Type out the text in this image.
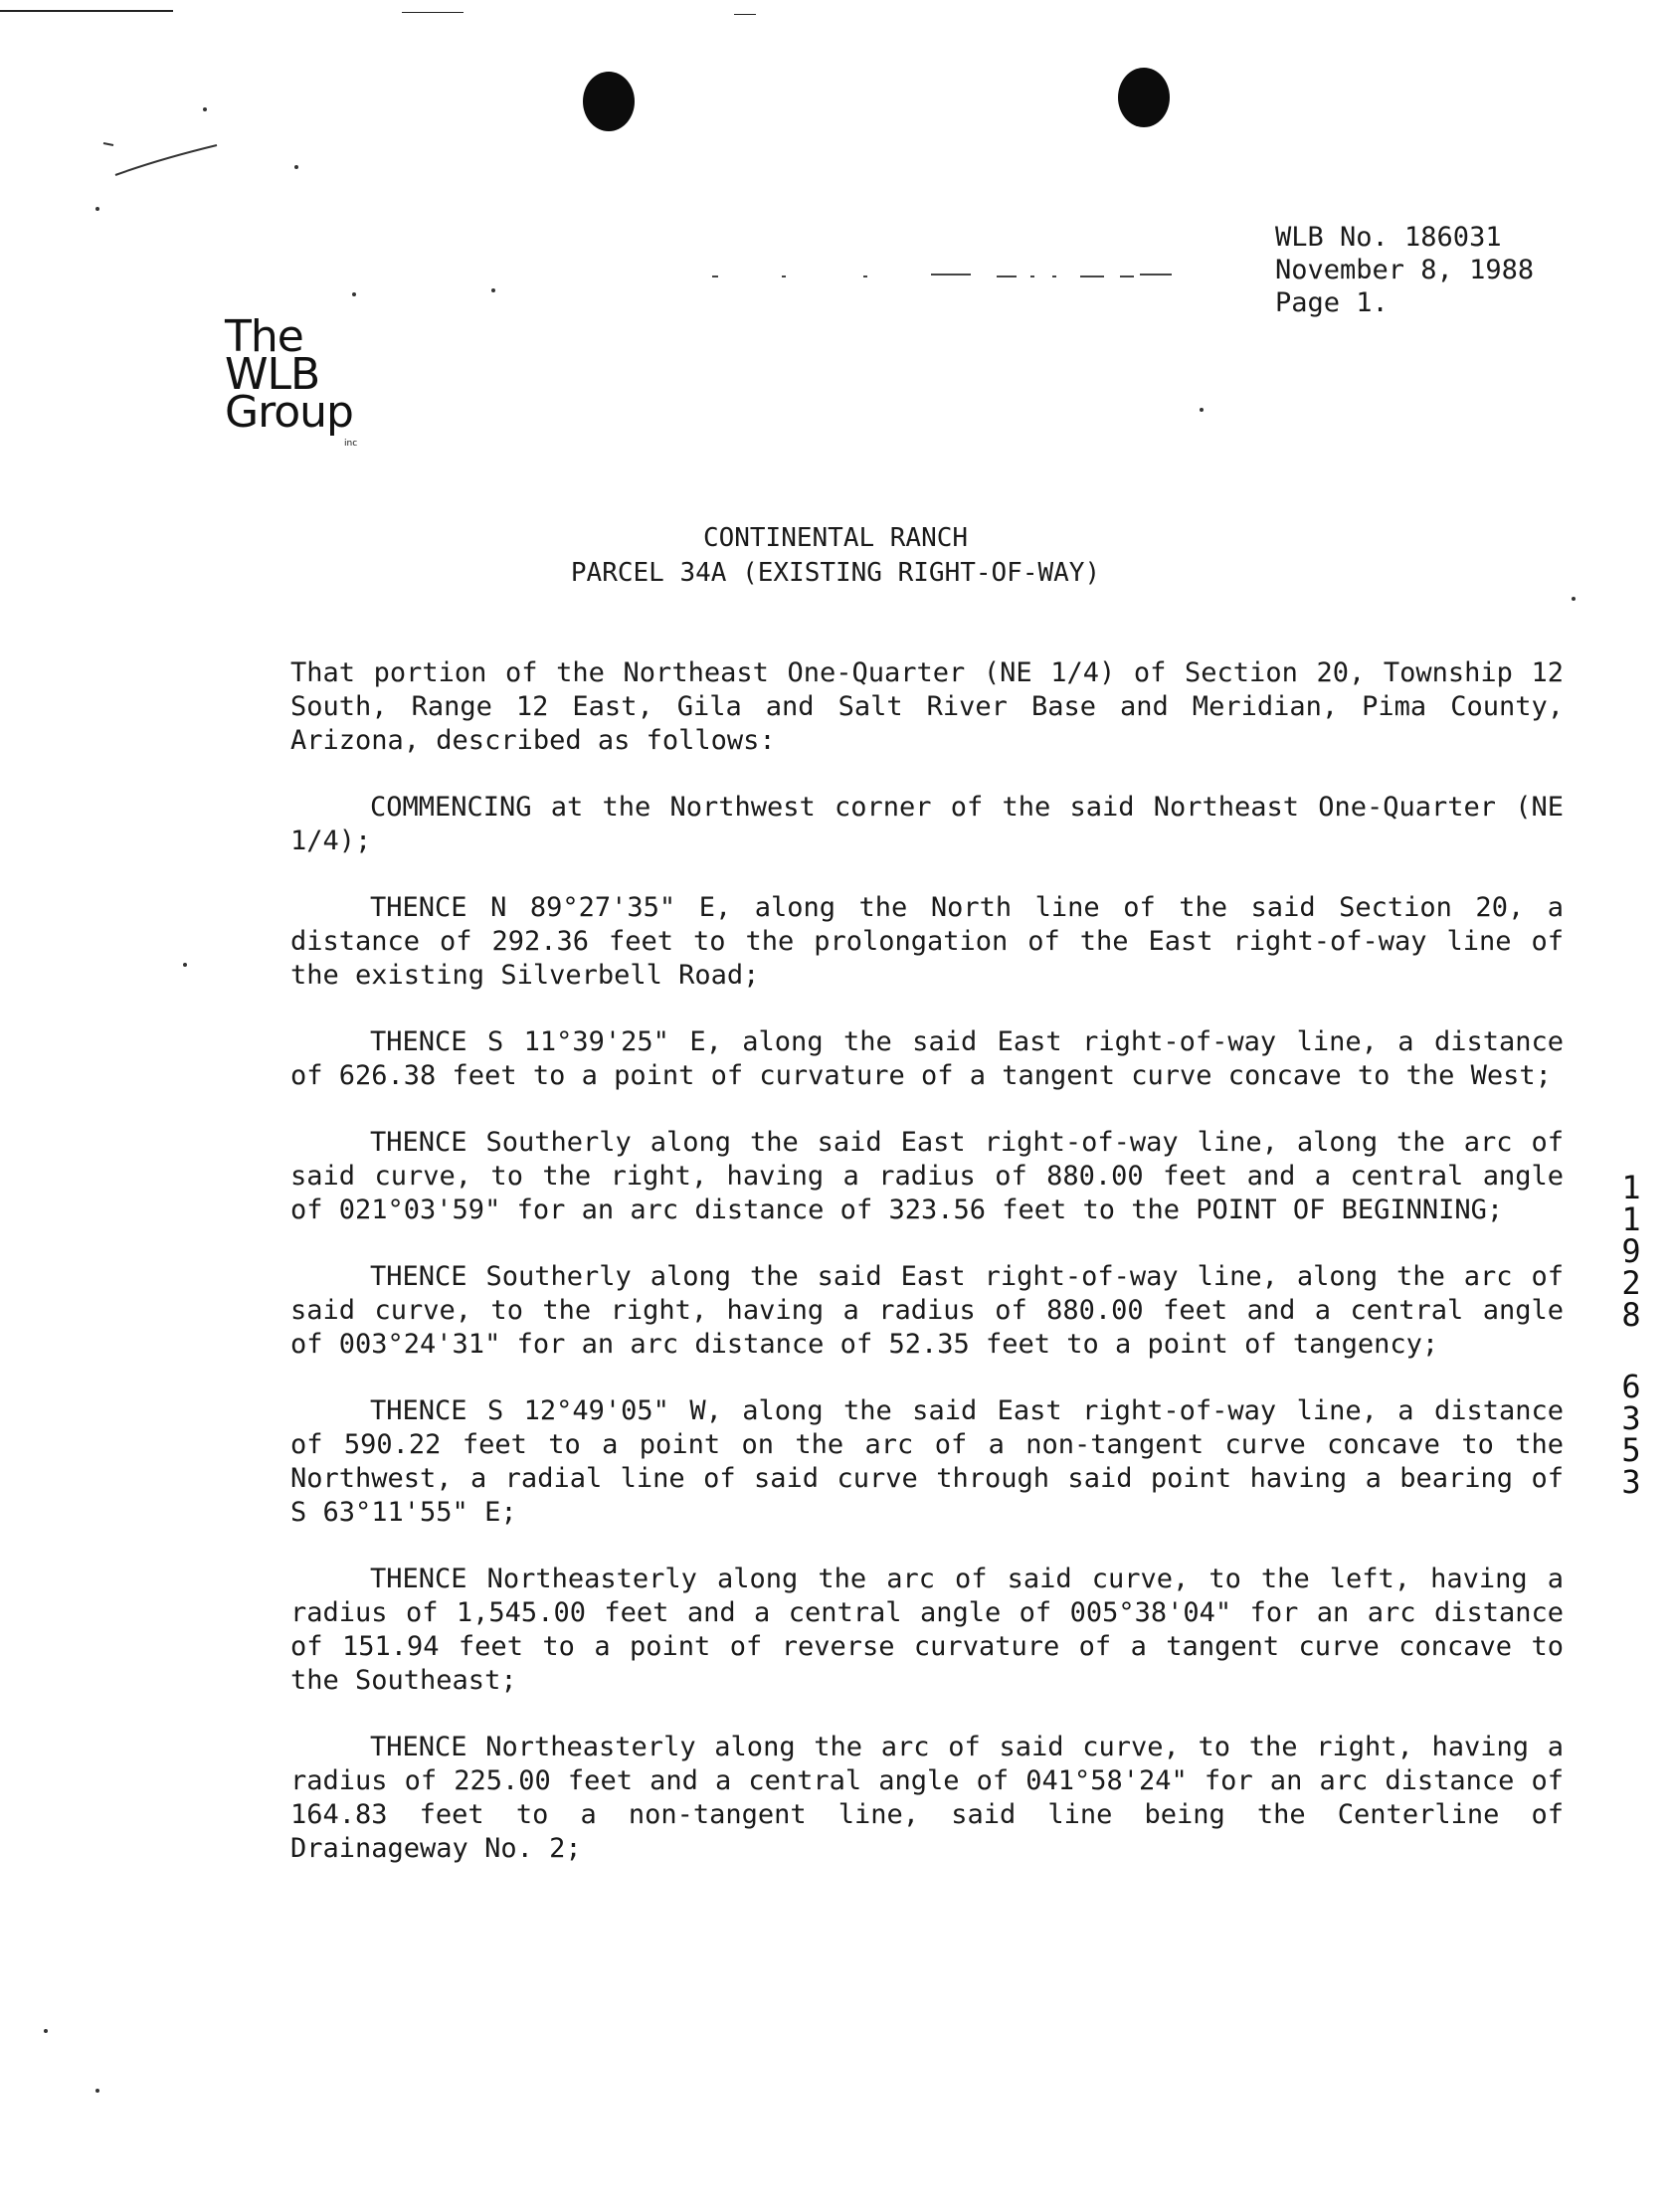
The
WLB
Group
inc
WLB No. 186031
November 8, 1988
Page 1.
CONTINENTAL RANCH
PARCEL 34A (EXISTING RIGHT-OF-WAY)

That portion of the Northeast One-Quarter (NE 1/4) of Section 20, Township 12 South, Range 12 East, Gila and Salt River Base and Meridian, Pima County, Arizona, described as follows:

COMMENCING at the Northwest corner of the said Northeast One-Quarter (NE 1/4);

THENCE N 89°27'35" E, along the North line of the said Section 20, a distance of 292.36 feet to the prolongation of the East right-of-way line of the existing Silverbell Road;

THENCE S 11°39'25" E, along the said East right-of-way line, a distance of 626.38 feet to a point of curvature of a tangent curve concave to the West;

THENCE Southerly along the said East right-of-way line, along the arc of said curve, to the right, having a radius of 880.00 feet and a central angle of 021°03'59" for an arc distance of 323.56 feet to the POINT OF BEGINNING;

THENCE Southerly along the said East right-of-way line, along the arc of said curve, to the right, having a radius of 880.00 feet and a central angle of 003°24'31" for an arc distance of 52.35 feet to a point of tangency;

THENCE S 12°49'05" W, along the said East right-of-way line, a distance of 590.22 feet to a point on the arc of a non-tangent curve concave to the Northwest, a radial line of said curve through said point having a bearing of S 63°11'55" E;

THENCE Northeasterly along the arc of said curve, to the left, having a radius of 1,545.00 feet and a central angle of 005°38'04" for an arc distance of 151.94 feet to a point of reverse curvature of a tangent curve concave to the Southeast;

THENCE Northeasterly along the arc of said curve, to the right, having a radius of 225.00 feet and a central angle of 041°58'24" for an arc distance of 164.83 feet to a non-tangent line, said line being the Centerline of Drainageway No. 2;

1
1
9
2
8
6
3
5
3
